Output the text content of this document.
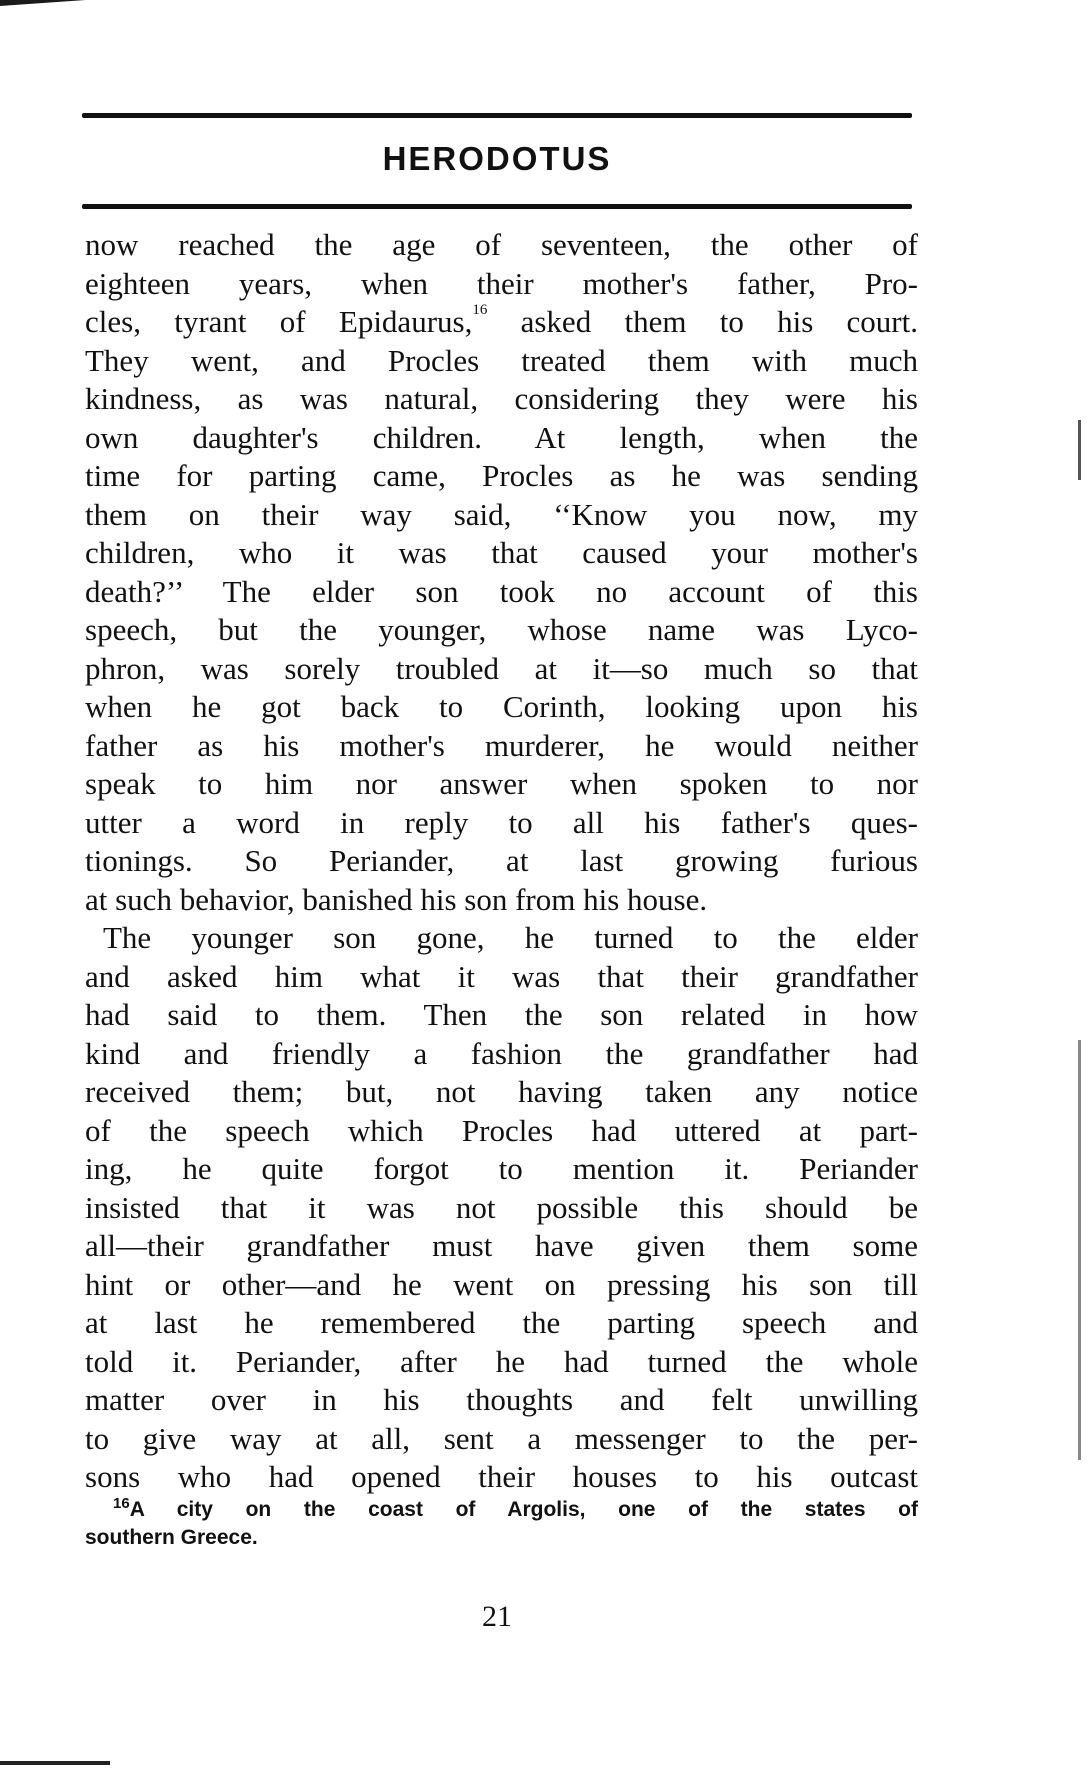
HERODOTUS
now reached the age of seventeen, the other of
eighteen years, when their mother's father, Pro-
cles, tyrant of Epidaurus,$^{16}$ asked them to his court.
They went, and Procles treated them with much
kindness, as was natural, considering they were his
own daughter's children. At length, when the
time for parting came, Procles as he was sending
them on their way said, ‘‘Know you now, my
children, who it was that caused your mother's
death?’’ The elder son took no account of this
speech, but the younger, whose name was Lyco-
phron, was sorely troubled at it—so much so that
when he got back to Corinth, looking upon his
father as his mother's murderer, he would neither
speak to him nor answer when spoken to nor
utter a word in reply to all his father's ques-
tionings. So Periander, at last growing furious
at such behavior, banished his son from his house.
The younger son gone, he turned to the elder
and asked him what it was that their grandfather
had said to them. Then the son related in how
kind and friendly a fashion the grandfather had
received them; but, not having taken any notice
of the speech which Procles had uttered at part-
ing, he quite forgot to mention it. Periander
insisted that it was not possible this should be
all—their grandfather must have given them some
hint or other—and he went on pressing his son till
at last he remembered the parting speech and
told it. Periander, after he had turned the whole
matter over in his thoughts and felt unwilling
to give way at all, sent a messenger to the per-
sons who had opened their houses to his outcast
$^{16}$A city on the coast of Argolis, one of the states of
southern Greece.
21
